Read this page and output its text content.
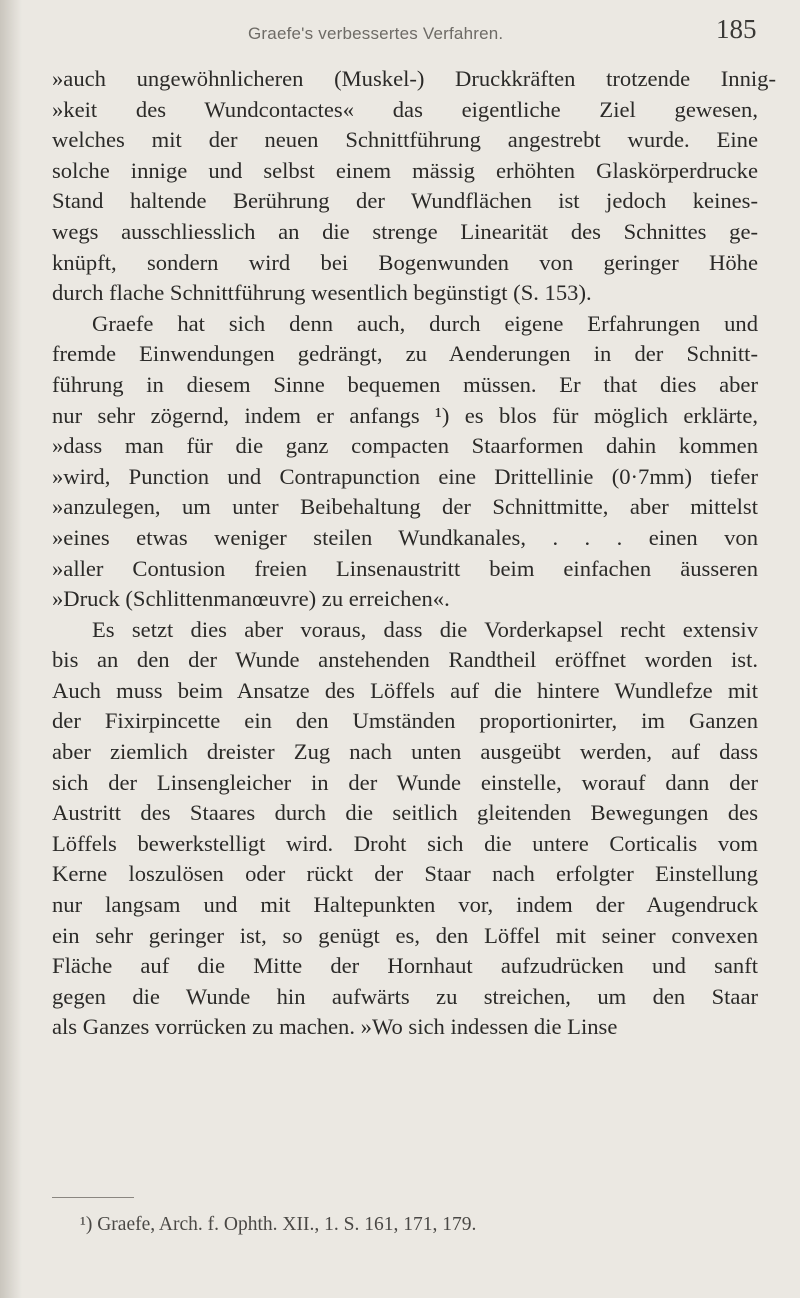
Graefe's verbessertes Verfahren.	185
»auch ungewöhnlicheren (Muskel-) Druckkräften trotzende Innig-
»keit des Wundcontactes« das eigentliche Ziel gewesen,
welches mit der neuen Schnittführung angestrebt wurde. Eine
solche innige und selbst einem mässig erhöhten Glaskörperdrucke
Stand haltende Berührung der Wundflächen ist jedoch keines-
wegs ausschliesslich an die strenge Linearität des Schnittes ge-
knüpft, sondern wird bei Bogenwunden von geringer Höhe
durch flache Schnittführung wesentlich begünstigt (S. 153).
Graefe hat sich denn auch, durch eigene Erfahrungen und
fremde Einwendungen gedrängt, zu Aenderungen in der Schnitt-
führung in diesem Sinne bequemen müssen. Er that dies aber
nur sehr zögernd, indem er anfangs ¹) es blos für möglich erklärte,
»dass man für die ganz compacten Staarformen dahin kommen
»wird, Punction und Contrapunction eine Drittellinie (0·7mm) tiefer
»anzulegen, um unter Beibehaltung der Schnittmitte, aber mittelst
»eines etwas weniger steilen Wundkanales, . . . einen von
»aller Contusion freien Linsenaustritt beim einfachen äusseren
»Druck (Schlittenmanœuvre) zu erreichen«.
Es setzt dies aber voraus, dass die Vorderkapsel recht extensiv
bis an den der Wunde anstehenden Randtheil eröffnet worden ist.
Auch muss beim Ansatze des Löffels auf die hintere Wundlefze mit
der Fixirpincette ein den Umständen proportionirter, im Ganzen
aber ziemlich dreister Zug nach unten ausgeübt werden, auf dass
sich der Linsengleicher in der Wunde einstelle, worauf dann der
Austritt des Staares durch die seitlich gleitenden Bewegungen des
Löffels bewerkstelligt wird. Droht sich die untere Corticalis vom
Kerne loszulösen oder rückt der Staar nach erfolgter Einstellung
nur langsam und mit Haltepunkten vor, indem der Augendruck
ein sehr geringer ist, so genügt es, den Löffel mit seiner convexen
Fläche auf die Mitte der Hornhaut aufzudrücken und sanft
gegen die Wunde hin aufwärts zu streichen, um den Staar
als Ganzes vorrücken zu machen. »Wo sich indessen die Linse
¹) Graefe, Arch. f. Ophth. XII., 1. S. 161, 171, 179.
